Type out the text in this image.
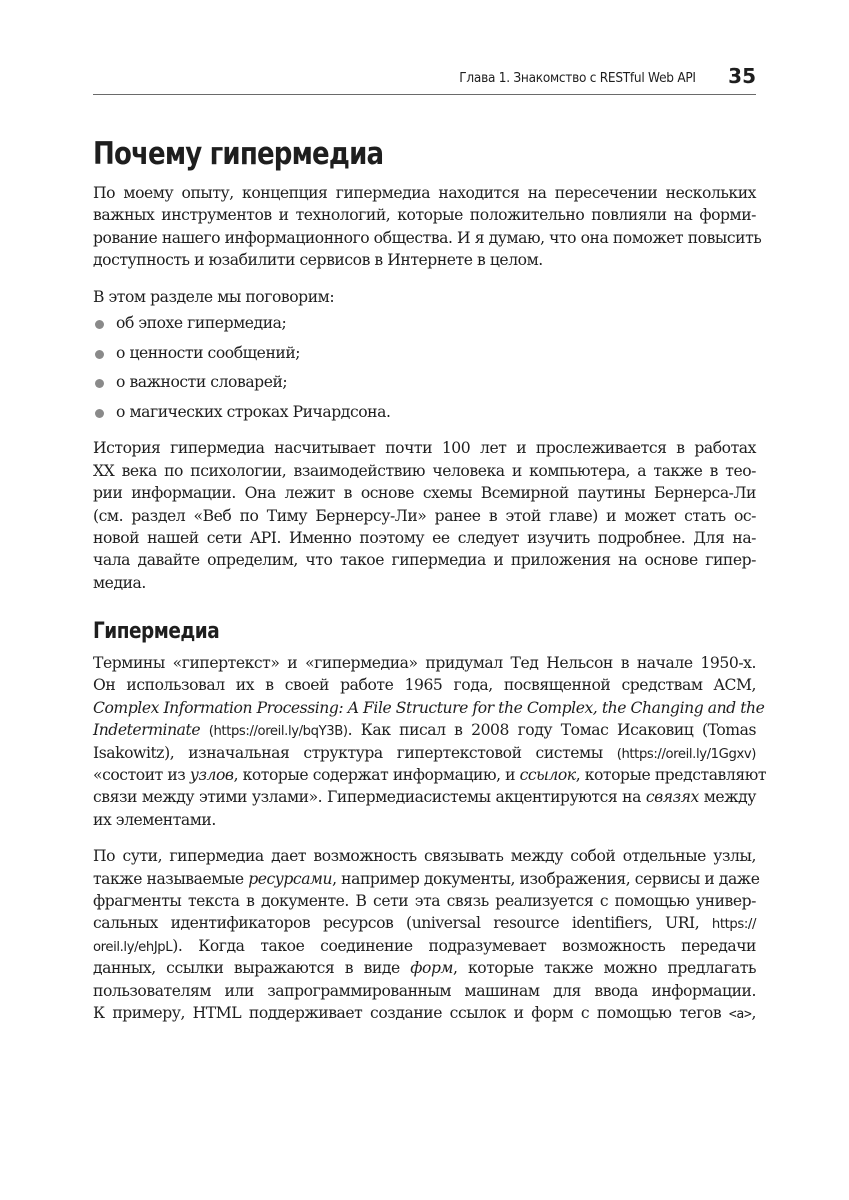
Глава 1. Знакомство с RESTful Web API 35
Почему гипермедиа

По моему опыту, концепция гипермедиа находится на пересечении нескольких
важных инструментов и технологий, которые положительно повлияли на форми-
рование нашего информационного общества. И я думаю, что она поможет повысить
доступность и юзабилити сервисов в Интернете в целом.

В этом разделе мы поговорим:

об эпохе гипермедиа;
о ценности сообщений;
о важности словарей;
о магических строках Ричардсона.

История гипермедиа насчитывает почти 100 лет и прослеживается в работах
XX века по психологии, взаимодействию человека и компьютера, а также в тео-
рии информации. Она лежит в основе схемы Всемирной паутины Бернерса-Ли
(см. раздел «Веб по Тиму Бернерсу-Ли» ранее в этой главе) и может стать ос-
новой нашей сети API. Именно поэтому ее следует изучить подробнее. Для на-
чала давайте определим, что такое гипермедиа и приложения на основе гипер-
медиа.

Гипермедиа

Термины «гипертекст» и «гипермедиа» придумал Тед Нельсон в начале 1950-х.
Он использовал их в своей работе 1965 года, посвященной средствам ACM,
Complex Information Processing: A File Structure for the Complex, the Changing and the
Indeterminate (https://oreil.ly/bqY3B). Как писал в 2008 году Томас Исаковиц (Tomas
Isakowitz), изначальная структура гипертекстовой системы (https://oreil.ly/1Ggxv)
«состоит из узлов, которые содержат информацию, и ссылок, которые представляют
связи между этими узлами». Гипермедиасистемы акцентируются на связях между
их элементами.

По сути, гипермедиа дает возможность связывать между собой отдельные узлы,
также называемые ресурсами, например документы, изображения, сервисы и даже
фрагменты текста в документе. В сети эта связь реализуется с помощью универ-
сальных идентификаторов ресурсов (universal resource identifiers, URI, https://
oreil.ly/ehJpL). Когда такое соединение подразумевает возможность передачи
данных, ссылки выражаются в виде форм, которые также можно предлагать
пользователям или запрограммированным машинам для ввода информации.
К примеру, HTML поддерживает создание ссылок и форм с помощью тегов <a>,
